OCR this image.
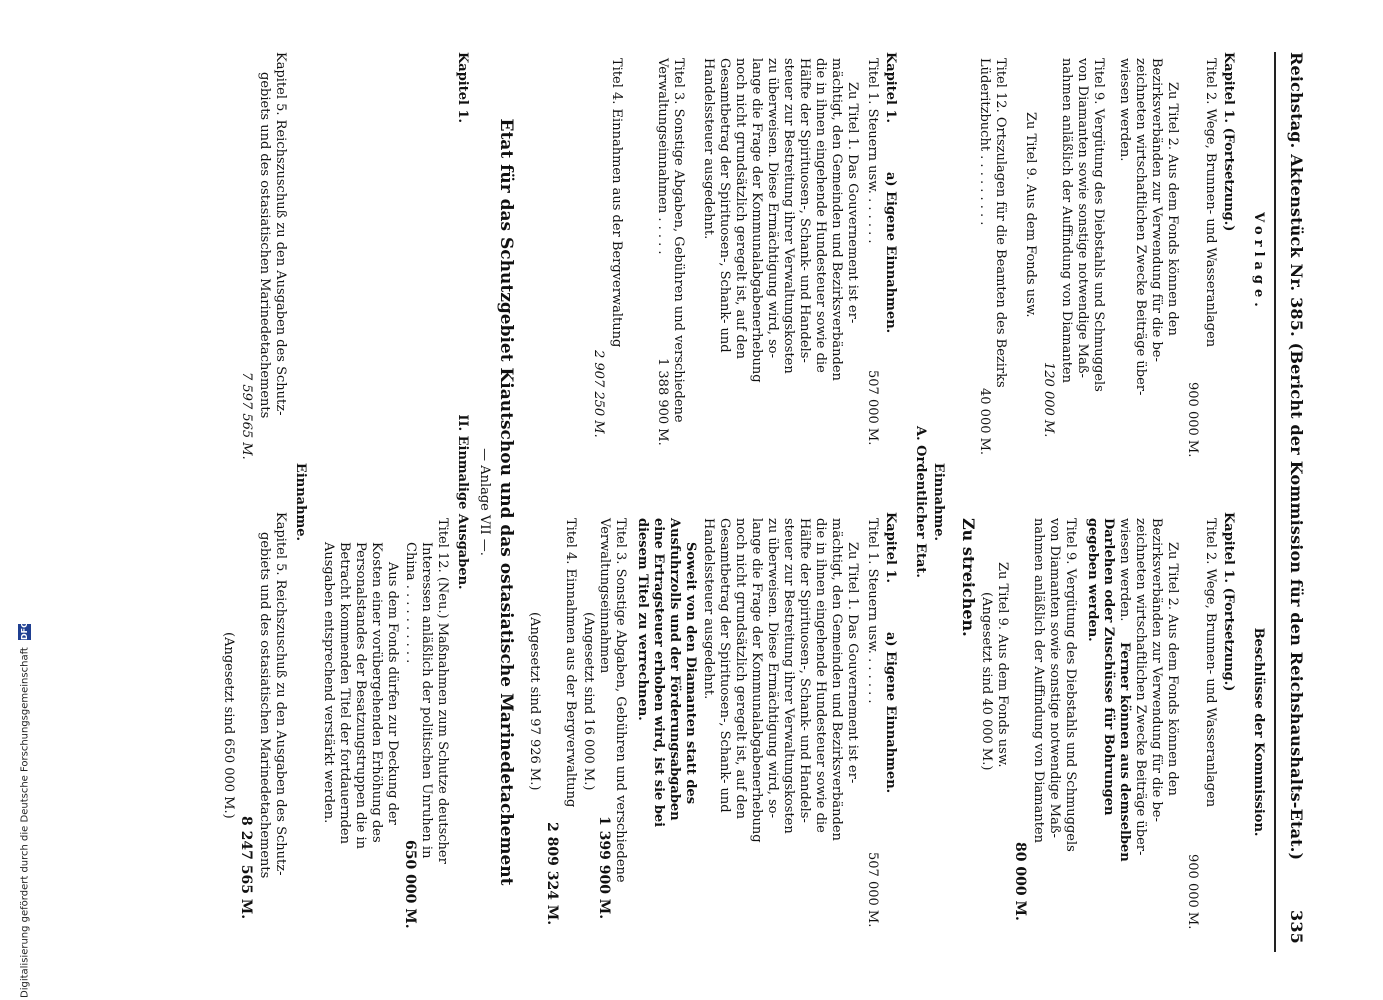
Reichstag. Aktenstück Nr. 385. (Bericht der Kommission für den Reichshaushalts-Etat.)
335
Vorlage.
Kapitel 1. (Fortsetzung.)
Titel 2. Wege, Brunnen- und Wasseranlagen
900 000 M.
Zu Titel 2. Aus dem Fonds können den
Bezirksverbänden zur Verwendung für die be-
zeichneten wirtschaftlichen Zwecke Beiträge über-
wiesen werden.
Titel 9. Vergütung des Diebstahls und Schmuggels
von Diamanten sowie sonstige notwendige Maß-
nahmen anläßlich der Auffindung von Diamanten
120 000 M.
Zu Titel 9. Aus dem Fonds usw.
Titel 12. Ortszulagen für die Beamten des Bezirks
Lüderitzbucht . . . . . . . . .
40 000 M.
Beschlüsse der Kommission.
Kapitel 1. (Fortsetzung.)
Titel 2. Wege, Brunnen- und Wasseranlagen
900 000 M.
Zu Titel 2. Aus dem Fonds können den
Bezirksverbänden zur Verwendung für die be-
zeichneten wirtschaftlichen Zwecke Beiträge über-
wiesen werden.
Ferner können aus demselben
Darlehen oder Zuschüsse für Bohrungen
gegeben werden.
Titel 9. Vergütung des Diebstahls und Schmuggels
von Diamanten sowie sonstige notwendige Maß-
nahmen anläßlich der Auffindung von Diamanten
80 000 M.
Zu Titel 9. Aus dem Fonds usw.
(Angesetzt sind 40 000 M.)
Zu streichen.
Einnahme.
A. Ordentlicher Etat.
Kapitel 1.
a) Eigene Einnahmen.
Titel 1. Steuern usw. . . . . . .
507 000 M.
Zu Titel 1. Das Gouvernement ist er-
mächtigt, den Gemeinden und Bezirksverbänden
die in ihnen eingehende Hundesteuer sowie die
Hälfte der Spirituosen-, Schank- und Handels-
steuer zur Bestreitung ihrer Verwaltungskosten
zu überweisen. Diese Ermächtigung wird, so-
lange die Frage der Kommunalabgabenerhebung
noch nicht grundsätzlich geregelt ist, auf den
Gesamtbetrag der Spirituosen-, Schank- und
Handelssteuer ausgedehnt.
Titel 3. Sonstige Abgaben, Gebühren und verschiedene
Verwaltungseinnahmen . . . . .
1 388 900 M.
Titel 4. Einnahmen aus der Bergverwaltung
2 907 250 M.
Kapitel 1.
a) Eigene Einnahmen.
Titel 1. Steuern usw. . . . . . .
507 000 M.
Zu Titel 1. Das Gouvernement ist er-
mächtigt, den Gemeinden und Bezirksverbänden
die in ihnen eingehende Hundesteuer sowie die
Hälfte der Spirituosen-, Schank- und Handels-
steuer zur Bestreitung ihrer Verwaltungskosten
zu überweisen. Diese Ermächtigung wird, so-
lange die Frage der Kommunalabgabenerhebung
noch nicht grundsätzlich geregelt ist, auf den
Gesamtbetrag der Spirituosen-, Schank- und
Handelssteuer ausgedehnt.
Soweit von den Diamanten statt des
Ausfuhrzolls und der Förderungsabgaben
eine Ertragsteuer erhoben wird, ist sie bei
diesem Titel zu verrechnen.
Titel 3. Sonstige Abgaben, Gebühren und verschiedene
Verwaltungseinnahmen
1 399 900 M.
(Angesetzt sind 16 000 M.)
Titel 4. Einnahmen aus der Bergverwaltung
2 809 324 M.
(Angesetzt sind 97 926 M.)
Etat für das Schutzgebiet Kiautschou und das ostasiatische Marinedetachement
— Anlage VII —.
II. Einmalige Ausgaben.
Kapitel 1.
Titel 12. (Neu.) Maßnahmen zum Schutze deutscher
Interessen anläßlich der politischen Unruhen in
China . . . . . . . . . .
650 000 M.
Aus dem Fonds dürfen zur Deckung der
Kosten einer vorübergehenden Erhöhung des
Personalstandes der Besatzungstruppen die in
Betracht kommenden Titel der fortdauernden
Ausgaben entsprechend verstärkt werden.
Einnahme.
Kapitel 5. Reichszuschuß zu den Ausgaben des Schutz-
gebiets und des ostasiatischen Marinedetachements
7 597 565 M.
Kapitel 5. Reichszuschuß zu den Ausgaben des Schutz-
gebiets und des ostasiatischen Marinedetachements
8 247 565 M.
(Angesetzt sind 650 000 M.)
Digitalisierung gefördert durch die Deutsche Forschungsgemeinschaft DFG
